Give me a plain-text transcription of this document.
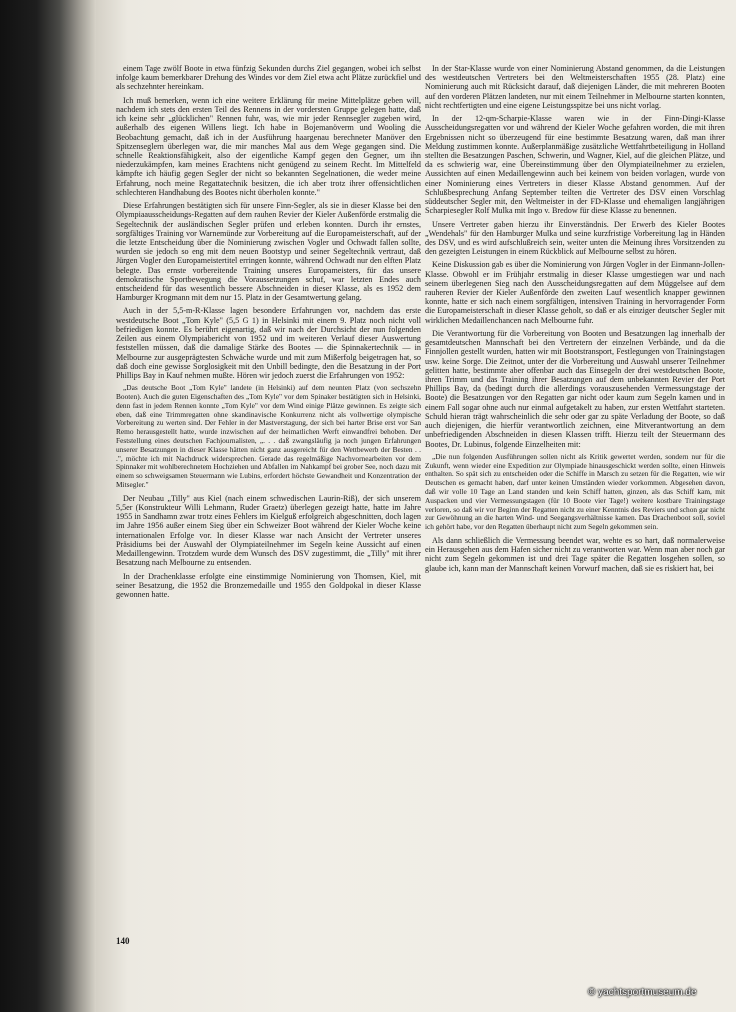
einem Tage zwölf Boote in etwa fünfzig Sekunden durchs Ziel gegangen, wobei ich selbst infolge kaum bemerkbarer Drehung des Windes vor dem Ziel etwa acht Plätze zurückfiel und als sechzehnter hereinkam.

Ich muß bemerken, wenn ich eine weitere Erklärung für meine Mittelplätze geben will, nachdem ich stets den ersten Teil des Rennens in der vordersten Gruppe gelegen hatte, daß ich keine sehr „glücklichen" Rennen fuhr, was, wie mir jeder Rennsegler zugeben wird, außerhalb des eigenen Willens liegt. Ich habe in Bojemanöverm und Wooling die Beobachtung gemacht, daß ich in der Ausführung haargenau berechneter Manöver den Spitzenseglern überlegen war, die mir manches Mal aus dem Wege gegangen sind. Die schnelle Reaktionsfähigkeit, also der eigentliche Kampf gegen den Gegner, um ihn niederzukämpfen, kam meines Erachtens nicht genügend zu seinem Recht. Im Mittelfeld kämpfte ich häufig gegen Segler der nicht so bekannten Segelnationen, die weder meine Erfahrung, noch meine Regattatechnik besitzen, die ich aber trotz ihrer offensichtlichen schlechteren Handhabung des Bootes nicht überholen konnte."

Diese Erfahrungen bestätigten sich für unsere Finn-Segler, als sie in dieser Klasse bei den Olympiaausscheidungs-Regatten auf dem rauhen Revier der Kieler Außenförde erstmalig die Segeltechnik der ausländischen Segler prüfen und erleben konnten. Durch ihr ernstes, sorgfältiges Training vor Warnemünde zur Vorbereitung auf die Europameisterschaft, auf der die letzte Entscheidung über die Nominierung zwischen Vogler und Ochwadt fallen sollte, wurden sie jedoch so eng mit dem neuen Bootstyp und seiner Segeltechnik vertraut, daß Jürgen Vogler den Europameistertitel erringen konnte, während Ochwadt nur den elften Platz belegte. Das ernste vorbereitende Training unseres Europameisters, für das unsere demokratische Sportbewegung die Voraussetzungen schuf, war letzten Endes auch entscheidend für das wesentlich bessere Abschneiden in dieser Klasse, als es 1952 dem Hamburger Krogmann mit dem nur 15. Platz in der Gesamtwertung gelang.

Auch in der 5,5-m-R-Klasse lagen besondere Erfahrungen vor, nachdem das erste westdeutsche Boot „Tom Kyle" (5,5 G 1) in Helsinki mit einem 9. Platz noch nicht voll befriedigen konnte. Es berührt eigenartig, daß wir nach der Durchsicht der nun folgenden Zeilen aus einem Olympiabericht von 1952 und im weiteren Verlauf dieser Auswertung feststellen müssen, daß die damalige Stärke des Bootes — die Spinnakertechnik — in Melbourne zur ausgeprägtesten Schwäche wurde und mit zum Mißerfolg beigetragen hat, so daß doch eine gewisse Sorglosigkeit mit den Unbill bedingte, den die Besatzung in der Port Phillips Bay in Kauf nehmen mußte. Hören wir jedoch zuerst die Erfahrungen von 1952:

„Das deutsche Boot „Tom Kyle" landete (in Helsinki) auf dem neunten Platz (von sechszehn Booten). Auch die guten Eigenschaften des „Tom Kyle" vor dem Spinaker bestätigten sich in Helsinki, denn fast in jedem Rennen konnte „Tom Kyle" vor dem Wind einige Plätze gewinnen. Es zeigte sich eben, daß eine Trimmregatten ohne skandinavische Konkurrenz nicht als vollwertige olympische Vorbereitung zu werten sind. Der Fehler in der Mastverstagung, der sich bei harter Brise erst vor San Remo herausgestellt hatte, wurde inzwischen auf der heimatlichen Werft einwandfrei behoben. Der Feststellung eines deutschen Fachjournalisten, „. . . daß zwangsläufig ja noch jungen Erfahrungen unserer Besatzungen in dieser Klasse hätten nicht ganz ausgereicht für den Wettbewerb der Besten . . .", möchte ich mit Nachdruck widersprechen. Gerade das regelmäßige Nachvornearbeiten vor dem Spinnaker mit wohlberechnetem Hochziehen und Abfallen im Nahkampf bei grober See, noch dazu mit einem so schweigsamen Steuermann wie Lubins, erfordert höchste Gewandheit und Konzentration der Mitsegler."

Der Neubau „Tilly" aus Kiel (nach einem schwedischen Laurin-Riß), der sich unserem 5,5er (Konstrukteur Willi Lehmann, Ruder Graetz) überlegen gezeigt hatte, hatte im Jahre 1955 in Sandhamn zwar trotz eines Fehlers im Kielguß erfolgreich abgeschnitten, doch lagen im Jahre 1956 außer einem Sieg über ein Schweizer Boot während der Kieler Woche keine internationalen Erfolge vor. In dieser Klasse war nach Ansicht der Vertreter unseres Präsidiums bei der Auswahl der Olympiateilnehmer im Segeln keine Aussicht auf einen Medaillengewinn. Trotzdem wurde dem Wunsch des DSV zugestimmt, die „Tilly" mit ihrer Besatzung nach Melbourne zu entsenden.

In der Drachenklasse erfolgte eine einstimmige Nominierung von Thomsen, Kiel, mit seiner Besatzung, die 1952 die Bronzemedaille und 1955 den Goldpokal in dieser Klasse gewonnen hatte.

In der Star-Klasse wurde von einer Nominierung Abstand genommen, da die Leistungen des westdeutschen Vertreters bei den Weltmeisterschaften 1955 (28. Platz) eine Nominierung auch mit Rücksicht darauf, daß diejenigen Länder, die mit mehreren Booten auf den vorderen Plätzen landeten, nur mit einem Teilnehmer in Melbourne starten konnten, nicht rechtfertigten und eine eigene Leistungsspitze bei uns nicht vorlag.

In der 12-qm-Scharpie-Klasse waren wie in der Finn-Dingi-Klasse Ausscheidungsregatten vor und während der Kieler Woche gefahren worden, die mit ihren Ergebnissen nicht so überzeugend für eine bestimmte Besatzung waren, daß man ihrer Meldung zustimmen konnte. Außerplanmäßige zusätzliche Wettfahrtbeteiligung in Holland stellten die Besatzungen Paschen, Schwerin, und Wagner, Kiel, auf die gleichen Plätze, und da es schwierig war, eine Übereinstimmung über den Olympiateilnehmer zu erzielen, Aussichten auf einen Medaillengewinn auch bei keinem von beiden vorlagen, wurde von einer Nominierung eines Vertreters in dieser Klasse Abstand genommen. Auf der Schlußbesprechung Anfang September teilten die Vertreter des DSV einen Vorschlag süddeutscher Segler mit, den Weltmeister in der FD-Klasse und ehemaligen langjährigen Scharpiesegler Rolf Mulka mit Ingo v. Bredow für diese Klasse zu benennen.

Unsere Vertreter gaben hierzu ihr Einverständnis. Der Erwerb des Kieler Bootes „Wendehals" für den Hamburger Mulka und seine kurzfristige Vorbereitung lag in Händen des DSV, und es wird aufschlußreich sein, weiter unten die Meinung ihres Vorsitzenden zu den gezeigten Leistungen in einem Rückblick auf Melbourne selbst zu hören.

Keine Diskussion gab es über die Nominierung von Jürgen Vogler in der Einmann-Jollen-Klasse. Obwohl er im Frühjahr erstmalig in dieser Klasse umgestiegen war und nach seinem überlegenen Sieg nach den Ausscheidungsregatten auf dem Müggelsee auf dem rauheren Revier der Kieler Außenförde den zweiten Lauf wesentlich knapper gewinnen konnte, hatte er sich nach einem sorgfältigen, intensiven Training in hervorragender Form die Europameisterschaft in dieser Klasse geholt, so daß er als einziger deutscher Segler mit wirklichen Medaillenchancen nach Melbourne fuhr.

Die Verantwortung für die Vorbereitung von Booten und Besatzungen lag innerhalb der gesamtdeutschen Mannschaft bei den Vertretern der einzelnen Verbände, und da die Finnjollen gestellt wurden, hatten wir mit Bootstransport, Festlegungen von Trainingstagen usw. keine Sorge. Die Zeitnot, unter der die Vorbereitung und Auswahl unserer Teilnehmer gelitten hatte, bestimmte aber offenbar auch das Einsegeln der drei westdeutschen Boote, ihren Trimm und das Training ihrer Besatzungen auf dem unbekannten Revier der Port Phillips Bay, da (bedingt durch die allerdings vorauszusehenden Vermessungstage der Boote) die Besatzungen vor den Regatten gar nicht oder kaum zum Segeln kamen und in einem Fall sogar ohne auch nur einmal aufgetakelt zu haben, zur ersten Wettfahrt starteten. Schuld hieran trägt wahrscheinlich die sehr oder gar zu späte Verladung der Boote, so daß auch diejenigen, die hierfür verantwortlich zeichnen, eine Mitverantwortung an dem unbefriedigenden Abschneiden in diesen Klassen trifft. Hierzu teilt der Steuermann des Bootes, Dr. Lubinus, folgende Einzelheiten mit:

„Die nun folgenden Ausführungen sollen nicht als Kritik gewertet werden, sondern nur für die Zukunft, wenn wieder eine Expedition zur Olympiade hinausgeschickt werden sollte, einen Hinweis enthalten. So spät sich zu entscheiden oder die Schiffe in Marsch zu setzen für die Regatten, wie wir Deutschen es gemacht haben, darf unter keinen Umständen wieder vorkommen. Abgesehen davon, daß wir volle 10 Tage an Land standen und kein Schiff hatten, ginzen, als das Schiff kam, mit Auspacken und vier Vermessungstagen (für 10 Boote vier Tage!) weitere kostbare Trainingstage verloren, so daß wir vor Beginn der Regatten nicht zu einer Kenntnis des Reviers und schon gar nicht zur Gewöhnung an die harten Wind- und Seegangsverhältnisse kamen. Das Drachenboot soll, soviel ich gehört habe, vor den Regatten überhaupt nicht zum Segeln gekommen sein.

Als dann schließlich die Vermessung beendet war, wehte es so hart, daß normalerweise ein Herausgehen aus dem Hafen sicher nicht zu verantworten war. Wenn man aber noch gar nicht zum Segeln gekommen ist und drei Tage später die Regatten losgehen sollen, so glaube ich, kann man der Mannschaft keinen Vorwurf machen, daß sie es riskiert hat, bei

140
© yachtsportmuseum.de
